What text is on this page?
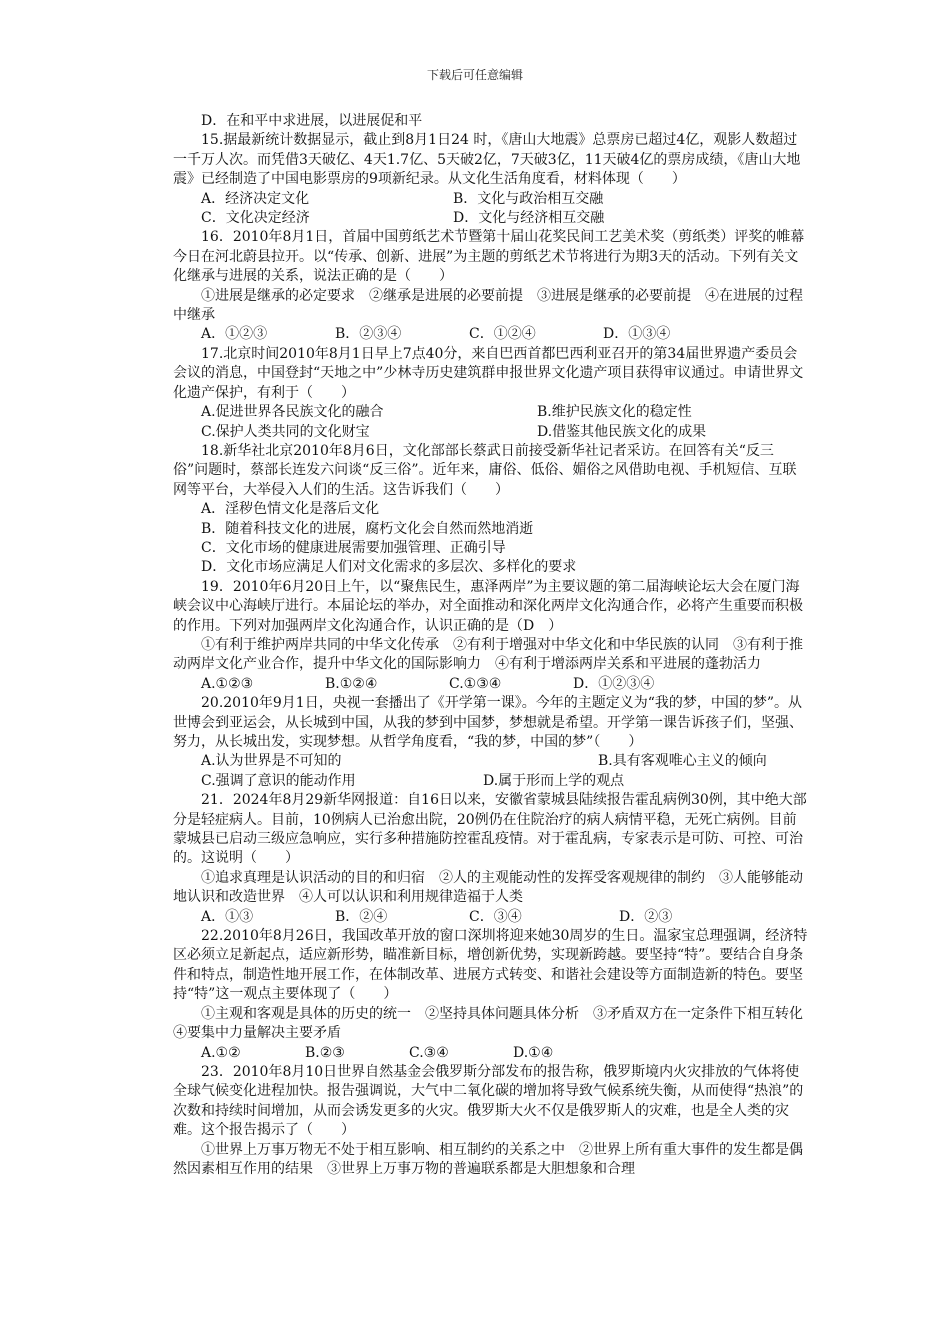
下载后可任意编辑

D．在和平中求进展，以进展促和平

15.据最新统计数据显示，截止到8月1日24 时，《唐山大地震》总票房已超过4亿，观影人数超过一千万人次。而凭借3天破亿、4天1.7亿、5天破2亿，7天破3亿，11天破4亿的票房成绩，《唐山大地震》已经制造了中国电影票房的9项新纪录。从文化生活角度看，材料体现（　　）

A．经济决定文化	B．文化与政治相互交融
C．文化决定经济	D．文化与经济相互交融

16．2010年8月1日，首届中国剪纸艺术节暨第十届山花奖民间工艺美术奖（剪纸类）评奖的帷幕今日在河北蔚县拉开。以“传承、创新、进展”为主题的剪纸艺术节将进行为期3天的活动。下列有关文化继承与进展的关系，说法正确的是（　　）

①进展是继承的必定要求　②继承是进展的必要前提　③进展是继承的必要前提　④在进展的过程中继承

A．①②③	B．②③④	C．①②④	D．①③④

17.北京时间2010年8月1日早上7点40分，来自巴西首都巴西利亚召开的第34届世界遗产委员会会议的消息，中国登封“天地之中”少林寺历史建筑群申报世界文化遗产项目获得审议通过。申请世界文化遗产保护，有利于（　　）

A.促进世界各民族文化的融合	B.维护民族文化的稳定性
C.保护人类共同的文化财宝	D.借鉴其他民族文化的成果

18.新华社北京2010年8月6日，文化部部长蔡武日前接受新华社记者采访。在回答有关“反三俗”问题时，蔡部长连发六问谈“反三俗”。近年来，庸俗、低俗、媚俗之风借助电视、手机短信、互联网等平台，大举侵入人们的生活。这告诉我们（　　）

A．淫秽色情文化是落后文化

B．随着科技文化的进展，腐朽文化会自然而然地消逝

C．文化市场的健康进展需要加强管理、正确引导

D．文化市场应满足人们对文化需求的多层次、多样化的要求

19．2010年6月20日上午，以“聚焦民生，惠泽两岸”为主要议题的第二届海峡论坛大会在厦门海峡会议中心海峡厅进行。本届论坛的举办，对全面推动和深化两岸文化沟通合作，必将产生重要而积极的作用。下列对加强两岸文化沟通合作，认识正确的是（D　）

①有利于维护两岸共同的中华文化传承　②有利于增强对中华文化和中华民族的认同　③有利于推动两岸文化产业合作，提升中华文化的国际影响力　④有利于增添两岸关系和平进展的蓬勃活力

A.①②③	B.①②④	C.①③④	D．①②③④

20.2010年9月1日，央视一套播出了《开学第一课》。今年的主题定义为“我的梦，中国的梦”。从世博会到亚运会，从长城到中国，从我的梦到中国梦，梦想就是希望。开学第一课告诉孩子们，坚强、努力，从长城出发，实现梦想。从哲学角度看，“我的梦，中国的梦”（　　）

A.认为世界是不可知的	B.具有客观唯心主义的倾向
C.强调了意识的能动作用	D.属于形而上学的观点

21．2024年8月29新华网报道：自16日以来，安徽省蒙城县陆续报告霍乱病例30例，其中绝大部分是轻症病人。目前，10例病人已治愈出院，20例仍在住院治疗的病人病情平稳，无死亡病例。目前蒙城县已启动三级应急响应，实行多种措施防控霍乱疫情。对于霍乱病，专家表示是可防、可控、可治的。这说明（　　）

①追求真理是认识活动的目的和归宿　②人的主观能动性的发挥受客观规律的制约　③人能够能动地认识和改造世界　④人可以认识和利用规律造福于人类

A．①③	B．②④	C．③④	D．②③

22.2010年8月26日，我国改革开放的窗口深圳将迎来她30周岁的生日。温家宝总理强调，经济特区必须立足新起点，适应新形势，瞄准新目标，增创新优势，实现新跨越。要坚持“特”。要结合自身条件和特点，制造性地开展工作，在体制改革、进展方式转变、和谐社会建设等方面制造新的特色。要坚持“特”这一观点主要体现了（　　）

①主观和客观是具体的历史的统一　②坚持具体问题具体分析　③矛盾双方在一定条件下相互转化　④要集中力量解决主要矛盾

A.①②	B.②③	C.③④	D.①④

23．2010年8月10日世界自然基金会俄罗斯分部发布的报告称，俄罗斯境内火灾排放的气体将使全球气候变化进程加快。报告强调说，大气中二氧化碳的增加将导致气候系统失衡，从而使得“热浪”的次数和持续时间增加，从而会诱发更多的火灾。俄罗斯大火不仅是俄罗斯人的灾难，也是全人类的灾难。这个报告揭示了（　　）

①世界上万事万物无不处于相互影响、相互制约的关系之中　②世界上所有重大事件的发生都是偶然因素相互作用的结果　③世界上万事万物的普遍联系都是大胆想象和合理
